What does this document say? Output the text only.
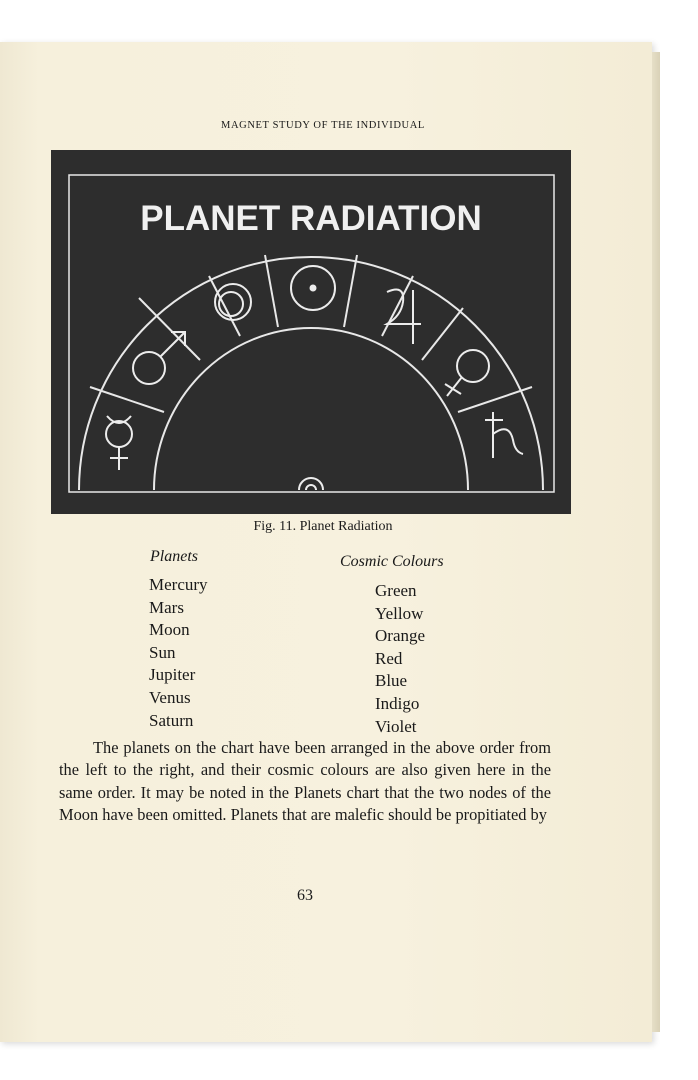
MAGNET STUDY OF THE INDIVIDUAL
PLANET RADIATION
Fig. 11. Planet Radiation
Planets	Cosmic Colours
Mercury
Mars
Moon
Sun
Jupiter
Venus
Saturn
Green
Yellow
Orange
Red
Blue
Indigo
Violet
The planets on the chart have been arranged in the above order from the left to the right, and their cosmic colours are also given here in the same order. It may be noted in the Planets chart that the two nodes of the Moon have been omitted. Planets that are malefic should be propitiated by
63
